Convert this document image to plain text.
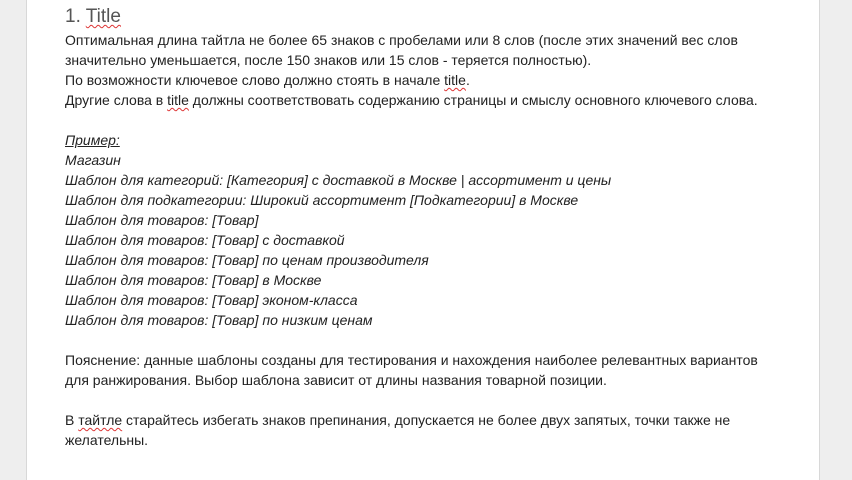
1. Title

Оптимальная длина тайтла не более 65 знаков с пробелами или 8 слов (после этих значений вес слов значительно уменьшается, после 150 знаков или 15 слов - теряется полностью).

По возможности ключевое слово должно стоять в начале title.

Другие слова в title должны соответствовать содержанию страницы и смыслу основного ключевого слова.

Пример:

Магазин

Шаблон для категорий: [Категория] с доставкой в Москве | ассортимент и цены

Шаблон для подкатегории: Широкий ассортимент [Подкатегории] в Москве

Шаблон для товаров: [Товар]

Шаблон для товаров: [Товар] с доставкой

Шаблон для товаров: [Товар] по ценам производителя

Шаблон для товаров: [Товар] в Москве

Шаблон для товаров: [Товар] эконом-класса

Шаблон для товаров: [Товар] по низким ценам

Пояснение: данные шаблоны созданы для тестирования и нахождения наиболее релевантных вариантов для ранжирования. Выбор шаблона зависит от длины названия товарной позиции.

В тайтле старайтесь избегать знаков препинания, допускается не более двух запятых, точки также не желательны.
